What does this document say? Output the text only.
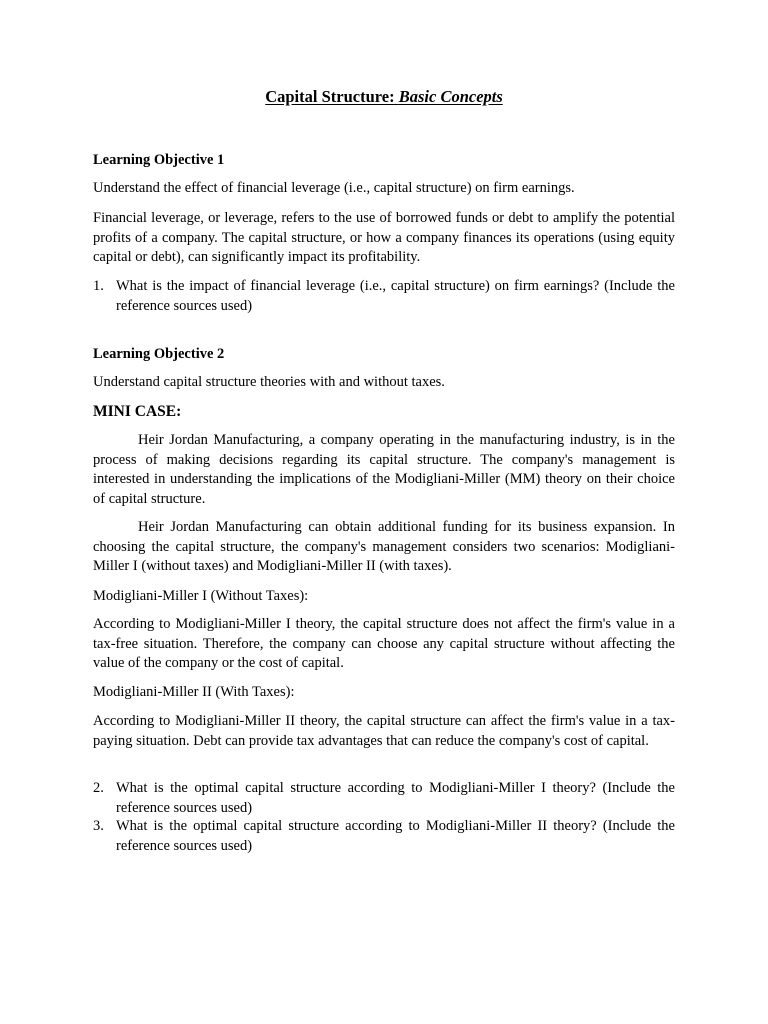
Capital Structure: Basic Concepts

Learning Objective 1

Understand the effect of financial leverage (i.e., capital structure) on firm earnings.

Financial leverage, or leverage, refers to the use of borrowed funds or debt to amplify the potential profits of a company. The capital structure, or how a company finances its operations (using equity capital or debt), can significantly impact its profitability.

1. What is the impact of financial leverage (i.e., capital structure) on firm earnings? (Include the reference sources used)

Learning Objective 2

Understand capital structure theories with and without taxes.

MINI CASE:

Heir Jordan Manufacturing, a company operating in the manufacturing industry, is in the process of making decisions regarding its capital structure. The company's management is interested in understanding the implications of the Modigliani-Miller (MM) theory on their choice of capital structure.

Heir Jordan Manufacturing can obtain additional funding for its business expansion. In choosing the capital structure, the company's management considers two scenarios: Modigliani-Miller I (without taxes) and Modigliani-Miller II (with taxes).

Modigliani-Miller I (Without Taxes):

According to Modigliani-Miller I theory, the capital structure does not affect the firm's value in a tax-free situation. Therefore, the company can choose any capital structure without affecting the value of the company or the cost of capital.

Modigliani-Miller II (With Taxes):

According to Modigliani-Miller II theory, the capital structure can affect the firm's value in a tax-paying situation. Debt can provide tax advantages that can reduce the company's cost of capital.

2. What is the optimal capital structure according to Modigliani-Miller I theory? (Include the reference sources used)
3. What is the optimal capital structure according to Modigliani-Miller II theory? (Include the reference sources used)
